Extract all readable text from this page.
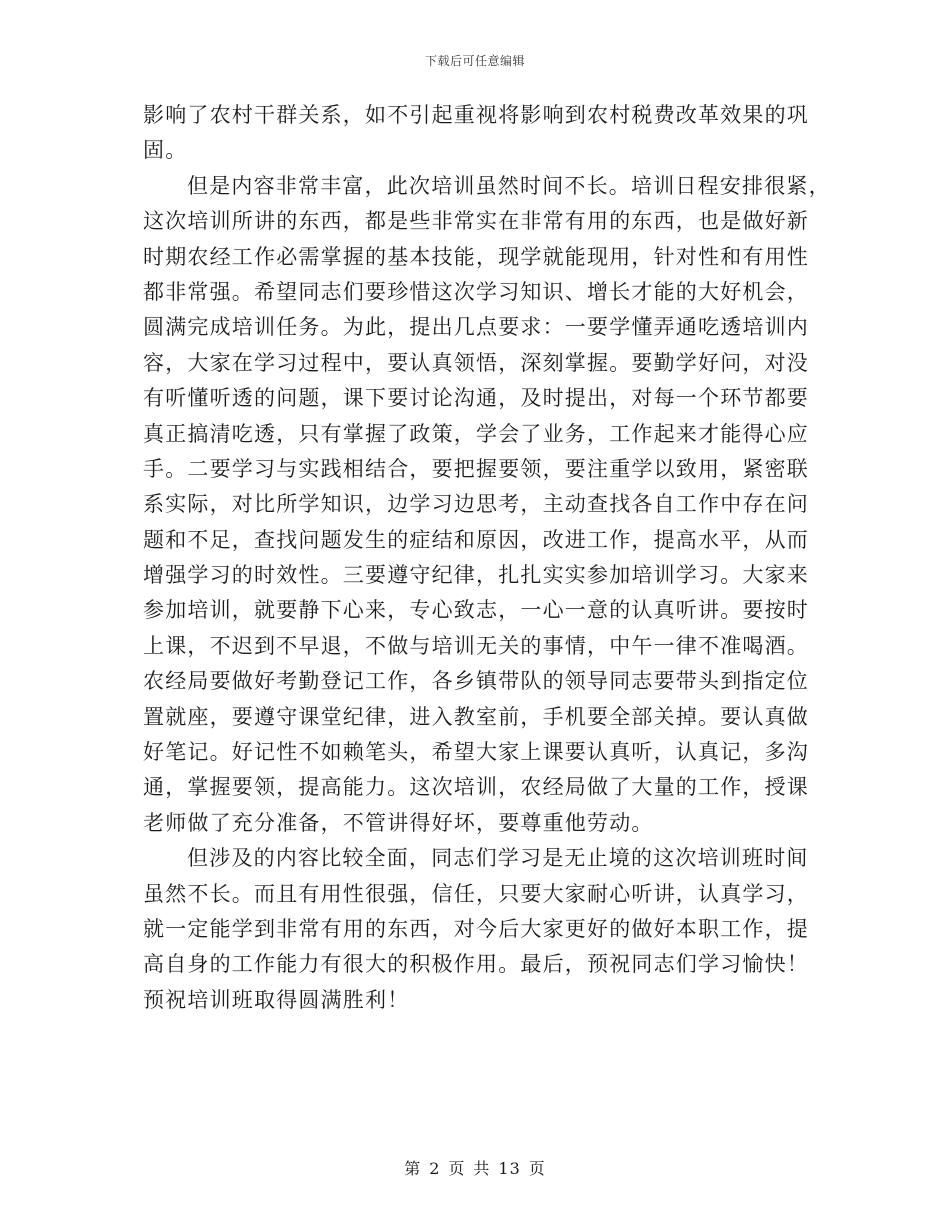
下载后可任意编辑
影响了农村干群关系，如不引起重视将影响到农村税费改革效果的巩
固。
但是内容非常丰富，此次培训虽然时间不长。培训日程安排很紧，
这次培训所讲的东西，都是些非常实在非常有用的东西，也是做好新
时期农经工作必需掌握的基本技能，现学就能现用，针对性和有用性
都非常强。希望同志们要珍惜这次学习知识、增长才能的大好机会，
圆满完成培训任务。为此，提出几点要求：一要学懂弄通吃透培训内
容，大家在学习过程中，要认真领悟，深刻掌握。要勤学好问，对没
有听懂听透的问题，课下要讨论沟通，及时提出，对每一个环节都要
真正搞清吃透，只有掌握了政策，学会了业务，工作起来才能得心应
手。二要学习与实践相结合，要把握要领，要注重学以致用，紧密联
系实际，对比所学知识，边学习边思考，主动查找各自工作中存在问
题和不足，查找问题发生的症结和原因，改进工作，提高水平，从而
增强学习的时效性。三要遵守纪律，扎扎实实参加培训学习。大家来
参加培训，就要静下心来，专心致志，一心一意的认真听讲。要按时
上课，不迟到不早退，不做与培训无关的事情，中午一律不准喝酒。
农经局要做好考勤登记工作，各乡镇带队的领导同志要带头到指定位
置就座，要遵守课堂纪律，进入教室前，手机要全部关掉。要认真做
好笔记。好记性不如赖笔头，希望大家上课要认真听，认真记，多沟
通，掌握要领，提高能力。这次培训，农经局做了大量的工作，授课
老师做了充分准备，不管讲得好坏，要尊重他劳动。
但涉及的内容比较全面，同志们学习是无止境的这次培训班时间
虽然不长。而且有用性很强，信任，只要大家耐心听讲，认真学习，
就一定能学到非常有用的东西，对今后大家更好的做好本职工作，提
高自身的工作能力有很大的积极作用。最后，预祝同志们学习愉快！
预祝培训班取得圆满胜利！
第 2 页 共 13 页
